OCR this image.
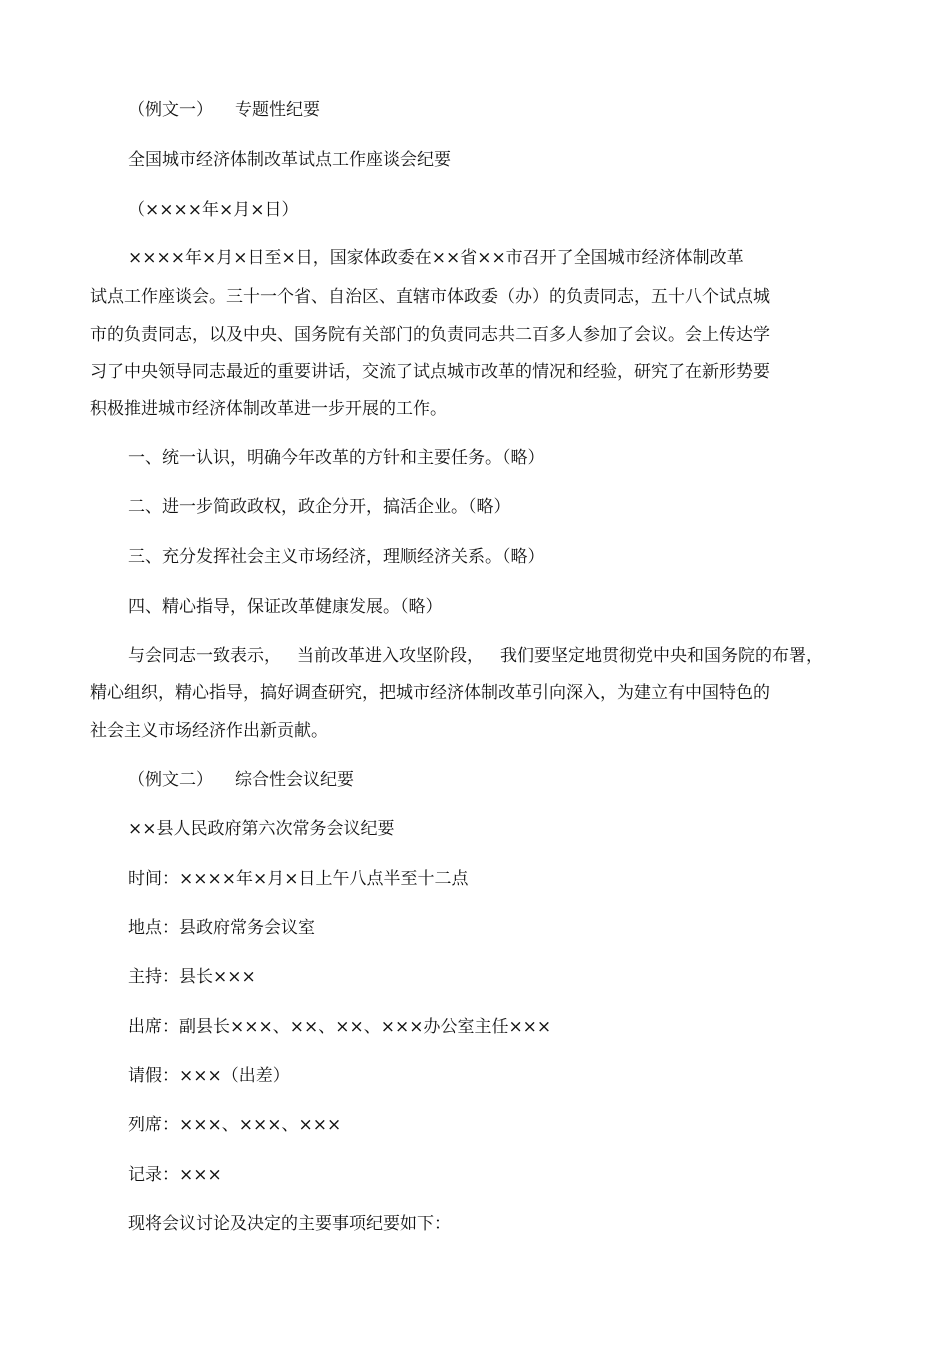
（例文一） 专题性纪要
全国城市经济体制改革试点工作座谈会纪要
（××××年×月×日）
××××年×月×日至×日，国家体政委在××省××市召开了全国城市经济体制改革
试点工作座谈会。三十一个省、自治区、直辖市体政委（办）的负责同志，五十八个试点城
市的负责同志，以及中央、国务院有关部门的负责同志共二百多人参加了会议。会上传达学
习了中央领导同志最近的重要讲话，交流了试点城市改革的情况和经验，研究了在新形势要
积极推进城市经济体制改革进一步开展的工作。
一、统一认识，明确今年改革的方针和主要任务。（略）
二、进一步简政政权，政企分开，搞活企业。（略）
三、充分发挥社会主义市场经济，理顺经济关系。（略）
四、精心指导，保证改革健康发展。（略）
与会同志一致表示， 当前改革进入攻坚阶段， 我们要坚定地贯彻党中央和国务院的布署，
精心组织，精心指导，搞好调查研究，把城市经济体制改革引向深入，为建立有中国特色的
社会主义市场经济作出新贡献。
（例文二） 综合性会议纪要
××县人民政府第六次常务会议纪要
时间：××××年×月×日上午八点半至十二点
地点：县政府常务会议室
主持：县长×××
出席：副县长×××、××、××、×××办公室主任×××
请假：×××（出差）
列席：×××、×××、×××
记录：×××
现将会议讨论及决定的主要事项纪要如下：
